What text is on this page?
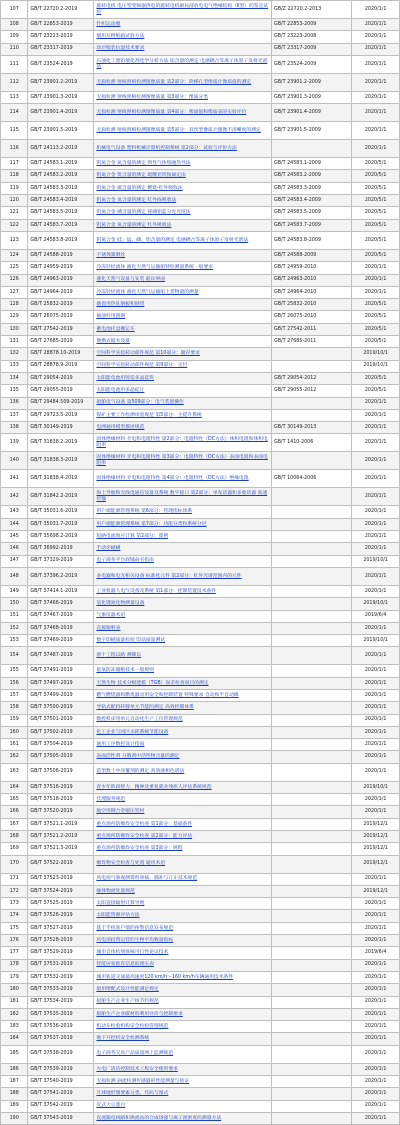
107	GB/T 22720.2-2019	旋转电机 电压型变频器供电的旋转电机耐局部放电电气绝缘结构（Ⅱ型）的鉴定试验	GB/Z 22720.2-2013	2020/1/1
108	GB/T 22853-2019	针织运动服	GB/T 22853-2009	2020/1/1
109	GB/T 23223-2019	烟用瓦楞纸箱试验方法	GB/T 23223-2008	2020/1/1
110	GB/T 23317-2019	涂层服装抗湿技术要求	GB/T 23317-2009	2020/1/1
111	GB/T 23524-2019	石油化工废铂催化剂化学分析方法 铂含量的测定 电感耦合等离子体原子发射光谱法	GB/T 23524-2009	2020/1/1
112	GB/T 23901.2-2019	无损检测 射线照相检测图像质量 第2部分：阶梯孔型像质计像质值的测定	GB/T 23901.2-2009	2020/1/1
113	GB/T 23901.3-2019	无损检测 射线照相检测图像质量 第3部分：像质分类	GB/T 23901.3-2009	2020/1/1
114	GB/T 23901.4-2019	无损检测 射线照相检测图像质量 第4部分：像质值和像质表的实验评价	GB/T 23901.4-2009	2020/1/1
115	GB/T 23901.5-2019	无损检测 射线照相检测图像质量 第5部分：双丝型像质计图像不清晰度的测定	GB/T 23901.5-2009	2020/1/1
116	GB/T 24113.2-2019	机械电气设备 塑料机械计算机控制系统 第2部分：试验与评价方法		2020/1/1
117	GB/T 24583.1-2019	钒氮合金 氮含量的测定 惰性气体熔融热导法	GB/T 24583.1-2009	2020/5/1
118	GB/T 24583.2-2019	钒氮合金 钒含量的测定 硫酸亚铁铵滴定法	GB/T 24583.2-2009	2020/5/1
119	GB/T 24583.3-2019	钒氮合金 碳含量的测定 燃烧-红外吸收法	GB/T 24583.3-2009	2020/5/1
120	GB/T 24583.4-2019	钒氮合金 氧含量的测定 红外线吸收法	GB/T 24583.4-2009	2020/5/1
121	GB/T 24583.5-2019	钒氮合金 磷含量的测定 铋磷钼蓝分光光度法	GB/T 24583.5-2009	2020/5/1
122	GB/T 24583.7-2019	钒氮合金 氧含量的测定 红外吸收法	GB/T 24583.7-2009	2020/5/1
123	GB/T 24583.8-2019	钒氮合金 硅、锰、磷、铝含量的测定 电感耦合等离子体原子发射光谱法	GB/T 24583.8-2009	2020/5/1
124	GB/T 24588-2019	不锈弹簧钢丝	GB/T 24588-2009	2020/5/1
125	GB/T 24959-2019	冷冻轻烃流体 液化天然气运输船特检测量系统一般要求	GB/T 24959-2010	2020/1/1
126	GB/T 24963-2019	液化天然气设备与安装 船岸界面	GB/T 24963-2010	2020/1/1
127	GB/T 24964-2019	冷冻轻烃流体 液化天然气运输船上货物量的测量	GB/T 24964-2010	2020/1/1
128	GB/T 25832-2019	搪瓷用热轧钢板和钢带	GB/T 25832-2010	2020/5/1
129	GB/T 26075-2019	抽油杆用圆钢	GB/T 26075-2010	2020/5/1
130	GB/T 27542-2019	蓄电池托盘搬运车	GB/T 27542-2011	2020/5/1
131	GB/T 27685-2019	便携式锯木设备	GB/T 27685-2011	2020/5/1
132	GB/T 28878.10-2019	空间科学实验转动部件规范 第10部分：储存要求		2019/10/1
133	GB/T 28878.9-2019	空间科学实验转动部件规范 第9部分：交付		2019/10/1
134	GB/T 29054-2019	太阳能电池用铸造多晶硅块	GB/T 29054-2012	2020/5/1
135	GB/T 29055-2019	太阳能电池用多晶硅片	GB/T 29055-2012	2020/5/1
136	GB/T 29484.509-2019	船舶电气设备 第509部分：电气装置操作		2020/1/1
137	GB/T 29723.5-2019	煤矿主要工作检测审验规范 第5部分：主提升系统		2020/1/1
138	GB/T 30149-2019	电网通用模型描述规范	GB/T 30149-2013	2020/1/1
139	GB/T 31838.2-2019	固体绝缘材料 介电和电阻特性 第2部分：电阻特性（DC方法）体积电阻和体积电阻率	GB/T 1410-2006	2020/1/1
140	GB/T 31838.3-2019	固体绝缘材料 介电和电阻特性 第3部分：电阻特性（DC方法）表面电阻和表面电阻率		2020/1/1
141	GB/T 31838.4-2019	固体绝缘材料 介电和电阻特性 第4部分：电阻特性（DC方法）绝缘电阻	GB/T 10064-2006	2020/1/1
142	GB/T 31842.2-2019	海上导航和无线电通信设备及系统 数字接口 第2部分：单发话器和多收话器 高速传输		2020/1/1
143	GB/T 35031.6-2019	用户端能源管理系统 第6部分：管理指标体系		2020/1/1
144	GB/T 35031.7-2019	用户端能源管理系统 第7部分：功能分类和系统分层		2020/1/1
145	GB/T 35698.2-2019	短路电流效应计算 第2部分：算例		2020/1/1
146	GB/T 36992-2019	手动牙刷刷		2020/1/1
147	GB/T 37329-2019	电子商务平台商铺命名指南		2019/10/1
148	GB/T 37396.2-2019	多电器和电光相关设备 标准化元件 第2部分：红外光谱范围内的元件		2020/1/1
149	GB/T 37414.1-2019	工业机器人电气设备及系统 第1部分：控制装置技术条件		2020/1/1
150	GB/T 37466-2019	氢化锂氮化物测量设备		2019/10/1
151	GB/T 37467-2019	气象仪器术语		2019/6/4
152	GB/T 37468-2019	直接辐射表		2020/1/1
153	GB/T 37469-2019	数字印刷质量检验 印品质量测试		2019/10/1
154	GB/T 37487-2019	浙十工程以路 测制以		2020/1/1
155	GB/T 37491-2019	低氧防冻储粮技术一般规则		2020/1/1
156	GB/T 37497-2019	天然生物 技术分级建模（TGB）误差检查项目的测定		2020/1/1
157	GB/T 37499-2019	燃气燃烧器和燃烧器具用安全和控制装置 特殊要求 自动和半自动阀		2020/1/1
158	GB/T 37500-2019	导轨式配料转移单元节能的测定 高效控制体系		2020/1/1
159	GB/T 37501-2019	数控机床用单元自动化生产工位管理规范		2020/1/1
160	GB/T 37502-2019	化工企业与园区水耗系统节能设备		2020/1/1
161	GB/T 37504-2019	通用工序数控设计指南		2020/1/1
162	GB/T 37505-2019	表面活性剂 分散剂中活性物含量的测定		2020/1/1
163	GB/T 37506-2019	造型数土中涂覆剂的测定 高效液相色谱法		2020/1/1
164	GB/T 37516-2019	青少年阶段智力、精神及重复就业残疾人评估系统规范		2019/10/1
165	GB/T 37518-2019	代理服务规范		2020/1/1
166	GB/T 37520-2019	航空用钢合金锻压型材		2020/1/1
167	GB/T 37521.1-2019	重点场所防爆炸安全检查 第1部分：基础条件		2019/12/1
168	GB/T 37521.2-2019	重点场所防爆炸安全检查 第2部分：能力评估		2019/12/1
169	GB/T 37521.3-2019	重点场所防爆炸安全检查 第3部分：规程		2019/12/1
170	GB/T 37522-2019	爆炸物安全检查与处置 通用术语		2019/12/1
171	GB/T 37523-2019	风电场气象观测资料审核、插补与订正技术规范		2020/1/1
172	GB/T 37524-2019	缘体物流处置规范		2019/12/1
173	GB/T 37525-2019	太阳直接辐射计算导则		2020/1/1
174	GB/T 37526-2019	太阳能资源评估方法		2020/1/1
175	GB/T 37527-2019	基于手机客户端的预警信息发布规范		2020/1/1
176	GB/T 37528-2019	风电场投资运营的生物平均数量指标		2020/1/1
177	GB/T 37529-2019	城市自体检刻体味可行性论证技术		2019/6/4
178	GB/T 37531-2019	智能居家推荐信息的现实表		2020/1/1
179	GB/T 37532-2019	城市轨道交通最高速度120 km/h～160 km/h车辆通用技术条件		2020/1/1
180	GB/T 37533-2019	船用增配式设计性能满足规定		2020/1/1
181	GB/T 37534-2019	船舶生产企业生产线节约规范		2020/1/1
182	GB/T 37535-2019	船舶生产企业碳材料利用评价与控制要求		2020/1/1
183	GB/T 37536-2019	机动车检验机构安全检验管理规范		2020/1/1
184	GB/T 37537-2019	地下开挖机安全检测系统		2020/1/1
185	GB/T 37538-2019	电子商务交易产品质量网上监测规范		2020/1/1
186	GB/T 37539-2019	火电厂清洁控制技术工程安全使用要求		2020/1/1
187	GB/T 37540-2019	无损检测 涡流检测传感器的性能测量与验证		2020/1/1
188	GB/T 37541-2019	月球地形图要素分类、代码与图式		2020/1/1
189	GB/T 37542-2019	反式大豆蛋白		2020/1/1
190	GB/T 37543-2019	直流输电线路和换流站的合成场强与离子流密度的测量方法		2020/1/1
